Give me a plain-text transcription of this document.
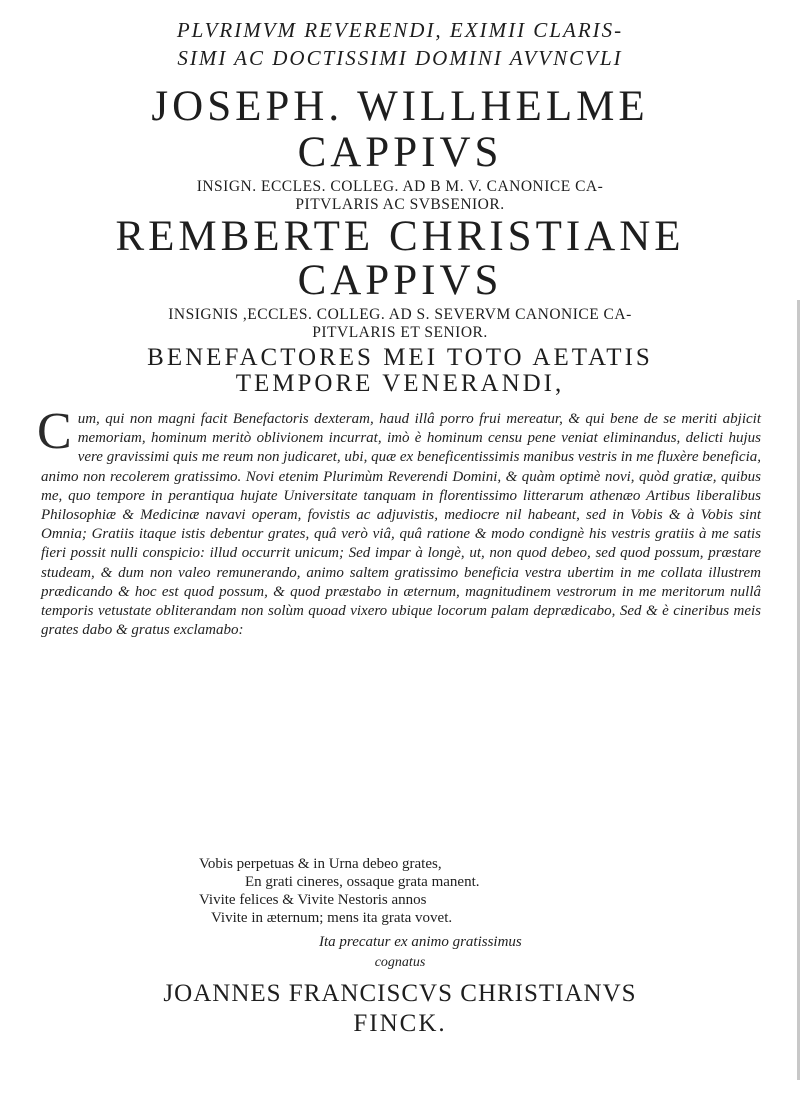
PLVRIMVM REVERENDI, EXIMII CLARIS-
SIMI AC DOCTISSIMI DOMINI AVVNCVLI
JOSEPH. WILLHELME
CAPPIVS
INSIGN. ECCLES. COLLEG. AD B M. V. CANONICE CA-
PITVLARIS AC SVBSENIOR.
REMBERTE CHRISTIANE
CAPPIVS
INSIGNIS ,ECCLES. COLLEG. AD S. SEVERVM CANONICE CA-
PITVLARIS ET SENIOR.
BENEFACTORES MEI TOTO AETATIS
TEMPORE VENERANDI,
Cum, qui non magni facit Benefactoris dexteram, haud illâ porro frui mereatur, & qui bene de se meriti abjicit memoriam, hominum meritò oblivionem incurrat, imò è hominum censu pene veniat eliminandus, delicti hujus vere gravissimi quis me reum non judicaret, ubi, quæ ex beneficentissimis manibus vestris in me fluxère beneficia, animo non recolerem gratissimo. Novi etenim Plurimùm Reverendi Domini, & quàm optimè novi, quòd gratiæ, quibus me, quo tempore in perantiqua hujate Universitate tanquam in florentissimo litterarum athenæo Artibus liberalibus Philosophiæ & Medicinæ navavi operam, fovistis ac adjuvistis, mediocre nil habeant, sed in Vobis & à Vobis sint Omnia; Gratiis itaque istis debentur grates, quâ verò viâ, quâ ratione & modo condignè his vestris gratiis à me satis fieri possit nulli conspicio: illud occurrit unicum; Sed impar à longè, ut, non quod debeo, sed quod possum, præstare studeam, & dum non valeo remunerando, animo saltem gratissimo beneficia vestra ubertim in me collata illustrem prædicando & hoc est quod possum, & quod præstabo in æternum, magnitudinem vestrorum in me meritorum nullâ temporis vetustate obliterandam non solùm quoad vixero ubique locorum palam deprædicabo, Sed & è cineribus meis grates dabo & gratus exclamabo:
Vobis perpetuas & in Urna debeo grates,
En grati cineres, ossaque grata manent.
Vivite felices & Vivite Nestoris annos
Vivite in æternum; mens ita grata vovet.
Ita precatur ex animo gratissimus
cognatus
JOANNES FRANCISCVS CHRISTIANVS
FINCK.
